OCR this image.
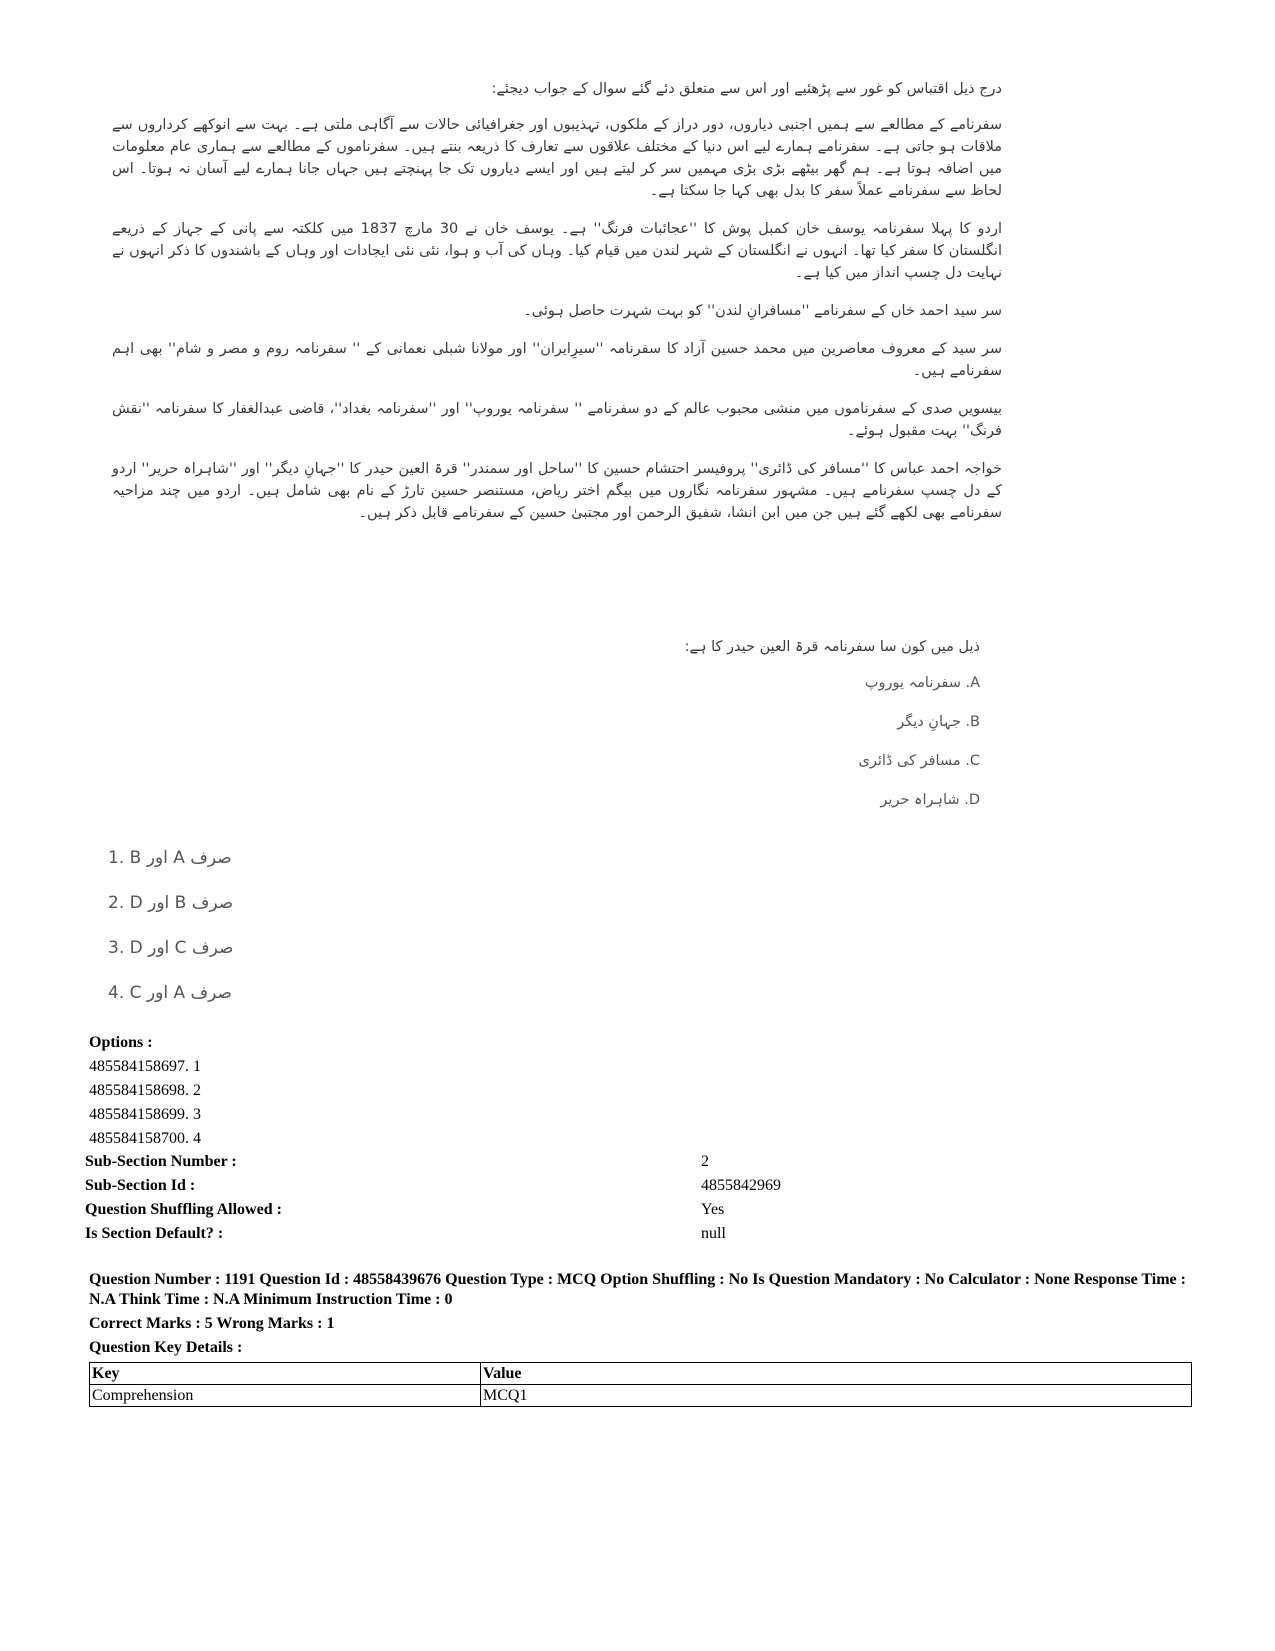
درج ذیل اقتباس کو غور سے پڑھئیے اور اس سے متعلق دئے گئے سوال کے جواب دیجئے:

سفرنامے کے مطالعے سے ہمیں اجنبی دیاروں، دور دراز کے ملکوں، تہذیبوں اور جغرافیائی حالات سے آگاہی ملتی ہے۔ بہت سے انوکھے کرداروں سے ملاقات ہو جاتی ہے۔ سفرنامے ہمارے لیے اس دنیا کے مختلف علاقوں سے تعارف کا ذریعہ بنتے ہیں۔ سفرناموں کے مطالعے سے ہماری عام معلومات میں اضافہ ہوتا ہے۔ ہم گھر بیٹھے بڑی بڑی مہمیں سر کر لیتے ہیں اور ایسے دیاروں تک جا پہنچتے ہیں جہاں جانا ہمارے لیے آسان نہ ہوتا۔ اس لحاظ سے سفرنامے عملاً سفر کا بدل بھی کہا جا سکتا ہے۔

اردو کا پہلا سفرنامہ یوسف خان کمبل پوش کا ''عجائبات فرنگ'' ہے۔ یوسف خان نے 30 مارچ 1837 میں کلکتہ سے پانی کے جہاز کے ذریعے انگلستان کا سفر کیا تھا۔ انہوں نے انگلستان کے شہر لندن میں قیام کیا۔ وہاں کی آب و ہوا، نئی نئی ایجادات اور وہاں کے باشندوں کا ذکر انہوں نے نہایت دل چسپ انداز میں کیا ہے۔

سر سید احمد خاں کے سفرنامے ''مسافرانِ لندن'' کو بہت شہرت حاصل ہوئی۔

سر سید کے معروف معاصرین میں محمد حسین آزاد کا سفرنامہ ''سیرِایران'' اور مولانا شبلی نعمانی کے '' سفرنامہ روم و مصر و شام'' بھی اہم سفرنامے ہیں۔

بیسویں صدی کے سفرناموں میں منشی محبوب عالم کے دو سفرنامے '' سفرنامہ یوروپ'' اور ''سفرنامہ بغداد''، قاضی عبدالغفار کا سفرنامہ ''نقش فرنگ'' بہت مقبول ہوئے۔

خواجہ احمد عباس کا ''مسافر کی ڈائری'' پروفیسر احتشام حسین کا ''ساحل اور سمندر'' قرۃ العین حیدر کا ''جہانِ دیگر'' اور ''شاہراہ حریر'' اردو کے دل چسپ سفرنامے ہیں۔ مشہور سفرنامہ نگاروں میں بیگم اختر ریاض، مستنصر حسین تارڑ کے نام بھی شامل ہیں۔ اردو میں چند مزاحیہ سفرنامے بھی لکھے گئے ہیں جن میں ابن انشا، شفیق الرحمن اور مجتبیٰ حسین کے سفرنامے قابل ذکر ہیں۔

ذیل میں کون سا سفرنامہ قرۃ العین حیدر کا ہے:
A. سفرنامہ یوروپ
B. جہانِ دیگر
C. مسافر کی ڈائری
D. شاہراہ حریر
1. B اور A صرف
2. D اور B صرف
3. D اور C صرف
4. C اور A صرف
Options :
485584158697. 1
485584158698. 2
485584158699. 3
485584158700. 4
Sub-Section Number :	2
Sub-Section Id :	4855842969
Question Shuffling Allowed :	Yes
Is Section Default? :	null
Question Number : 1191 Question Id : 48558439676 Question Type : MCQ Option Shuffling : No Is Question Mandatory : No Calculator : None Response Time : N.A Think Time : N.A Minimum Instruction Time : 0
Correct Marks : 5 Wrong Marks : 1
Question Key Details :
Key	Value
Comprehension	MCQ1
